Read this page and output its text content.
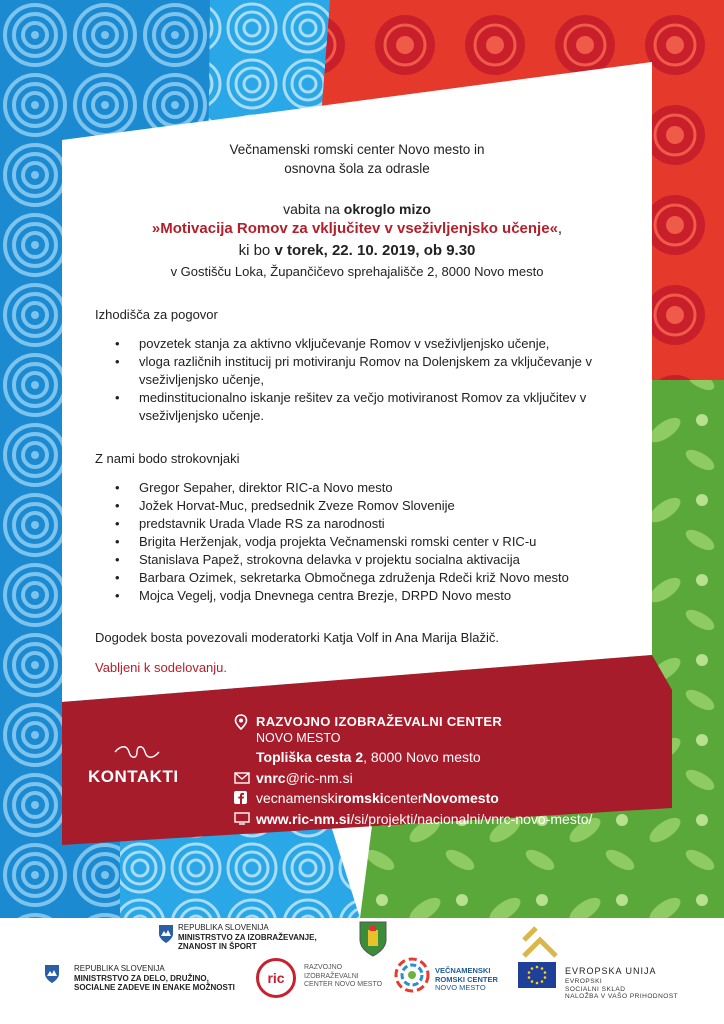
Večnamenski romski center Novo mesto in
osnovna šola za odrasle
vabita na okroglo mizo
»Motivacija Romov za vključitev v vseživljenjsko učenje«,
ki bo v torek, 22. 10. 2019, ob 9.30
v Gostišču Loka, Župančičevo sprehajališče 2, 8000 Novo mesto
Izhodišča za pogovor
• povzetek stanja za aktivno vključevanje Romov v vseživljenjsko učenje,
• vloga različnih institucij pri motiviranju Romov na Dolenjskem za vključevanje v vseživljenjsko učenje,
• medinstitucionalno iskanje rešitev za večjo motiviranost Romov za vključitev v vseživljenjsko učenje.
Z nami bodo strokovnjaki
• Gregor Sepaher, direktor RIC-a Novo mesto
• Jožek Horvat-Muc, predsednik Zveze Romov Slovenije
• predstavnik Urada Vlade RS za narodnosti
• Brigita Herženjak, vodja projekta Večnamenski romski center v RIC-u
• Stanislava Papež, strokovna delavka v projektu socialna aktivacija
• Barbara Ozimek, sekretarka Območnega združenja Rdeči križ Novo mesto
• Mojca Vegelj, vodja Dnevnega centra Brezje, DRPD Novo mesto
Dogodek bosta povezovali moderatorki Katja Volf in Ana Marija Blažič.
Vabljeni k sodelovanju.
KONTAKTI
RAZVOJNO IZOBRAŽEVALNI CENTER
NOVO MESTO
Topliška cesta 2, 8000 Novo mesto
vnrc@ric-nm.si
vecnamenskiromskicenterNovomesto
www.ric-nm.si/si/projekti/nacionalni/vnrc-novo-mesto/
REPUBLIKA SLOVENIJA
MINISTRSTVO ZA IZOBRAŽEVANJE,
ZNANOST IN ŠPORT
REPUBLIKA SLOVENIJA
MINISTRSTVO ZA DELO, DRUŽINO,
SOCIALNE ZADEVE IN ENAKE MOŽNOSTI
ric
RAZVOJNO
IZOBRAŽEVALNI
CENTER NOVO MESTO
VEČNAMENSKI
ROMSKI CENTER
NOVO MESTO
EVROPSKA UNIJA
EVROPSKI
SOCIALNI SKLAD
NALOŽBA V VAŠO PRIHODNOST
